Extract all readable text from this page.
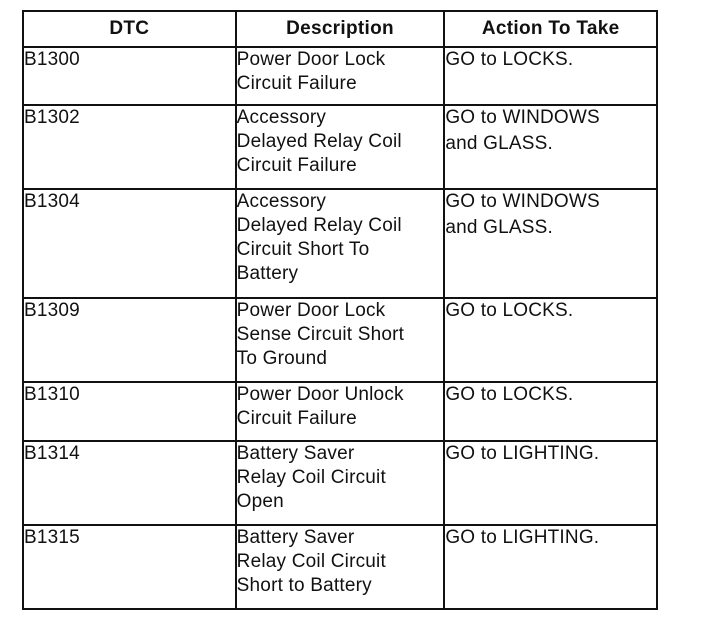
DTC	Description	Action To Take
B1300	Power Door Lock
Circuit Failure	GO to LOCKS.

B1302	Accessory
Delayed Relay Coil
Circuit Failure	GO to WINDOWS
and GLASS.

B1304	Accessory
Delayed Relay Coil
Circuit Short To
Battery	GO to WINDOWS
and GLASS.

B1309	Power Door Lock
Sense Circuit Short
To Ground	GO to LOCKS.

B1310	Power Door Unlock
Circuit Failure	GO to LOCKS.

B1314	Battery Saver
Relay Coil Circuit
Open	GO to LIGHTING.

B1315	Battery Saver
Relay Coil Circuit
Short to Battery	GO to LIGHTING.
